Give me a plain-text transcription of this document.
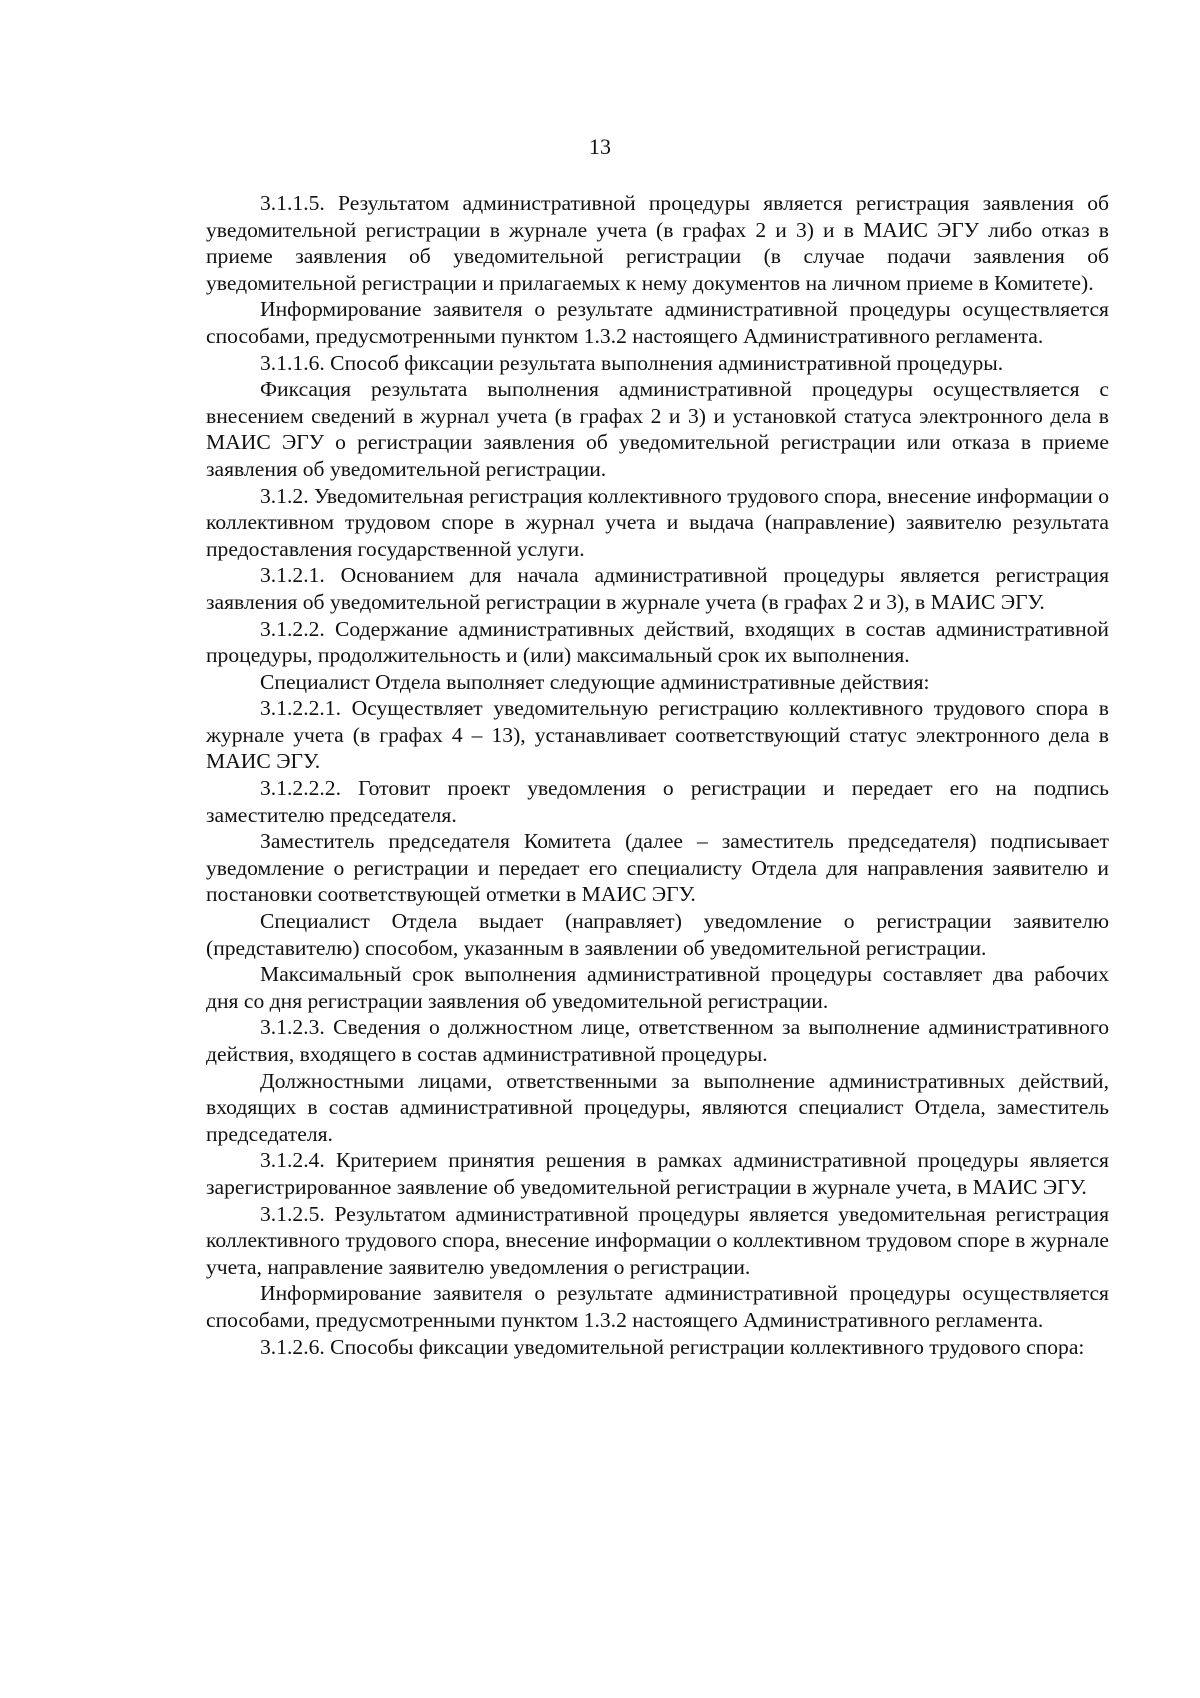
13

3.1.1.5. Результатом административной процедуры является регистрация заявления об уведомительной регистрации в журнале учета (в графах 2 и 3) и в МАИС ЭГУ либо отказ в приеме заявления об уведомительной регистрации (в случае подачи заявления об уведомительной регистрации и прилагаемых к нему документов на личном приеме в Комитете).

Информирование заявителя о результате административной процедуры осуществляется способами, предусмотренными пунктом 1.3.2 настоящего Административного регламента.

3.1.1.6. Способ фиксации результата выполнения административной процедуры.

Фиксация результата выполнения административной процедуры осуществляется с внесением сведений в журнал учета (в графах 2 и 3) и установкой статуса электронного дела в МАИС ЭГУ о регистрации заявления об уведомительной регистрации или отказа в приеме заявления об уведомительной регистрации.

3.1.2. Уведомительная регистрация коллективного трудового спора, внесение информации о коллективном трудовом споре в журнал учета и выдача (направление) заявителю результата предоставления государственной услуги.

3.1.2.1. Основанием для начала административной процедуры является регистрация заявления об уведомительной регистрации в журнале учета (в графах 2 и 3), в МАИС ЭГУ.

3.1.2.2. Содержание административных действий, входящих в состав административной процедуры, продолжительность и (или) максимальный срок их выполнения.

Специалист Отдела выполняет следующие административные действия:

3.1.2.2.1. Осуществляет уведомительную регистрацию коллективного трудового спора в журнале учета (в графах 4 – 13), устанавливает соответствующий статус электронного дела в МАИС ЭГУ.

3.1.2.2.2. Готовит проект уведомления о регистрации и передает его на подпись заместителю председателя.

Заместитель председателя Комитета (далее – заместитель председателя) подписывает уведомление о регистрации и передает его специалисту Отдела для направления заявителю и постановки соответствующей отметки в МАИС ЭГУ.

Специалист Отдела выдает (направляет) уведомление о регистрации заявителю (представителю) способом, указанным в заявлении об уведомительной регистрации.

Максимальный срок выполнения административной процедуры составляет два рабочих дня со дня регистрации заявления об уведомительной регистрации.

3.1.2.3. Сведения о должностном лице, ответственном за выполнение административного действия, входящего в состав административной процедуры.

Должностными лицами, ответственными за выполнение административных действий, входящих в состав административной процедуры, являются специалист Отдела, заместитель председателя.

3.1.2.4. Критерием принятия решения в рамках административной процедуры является зарегистрированное заявление об уведомительной регистрации в журнале учета, в МАИС ЭГУ.

3.1.2.5. Результатом административной процедуры является уведомительная регистрация коллективного трудового спора, внесение информации о коллективном трудовом споре в журнале учета, направление заявителю уведомления о регистрации.

Информирование заявителя о результате административной процедуры осуществляется способами, предусмотренными пунктом 1.3.2 настоящего Административного регламента.

3.1.2.6. Способы фиксации уведомительной регистрации коллективного трудового спора:
